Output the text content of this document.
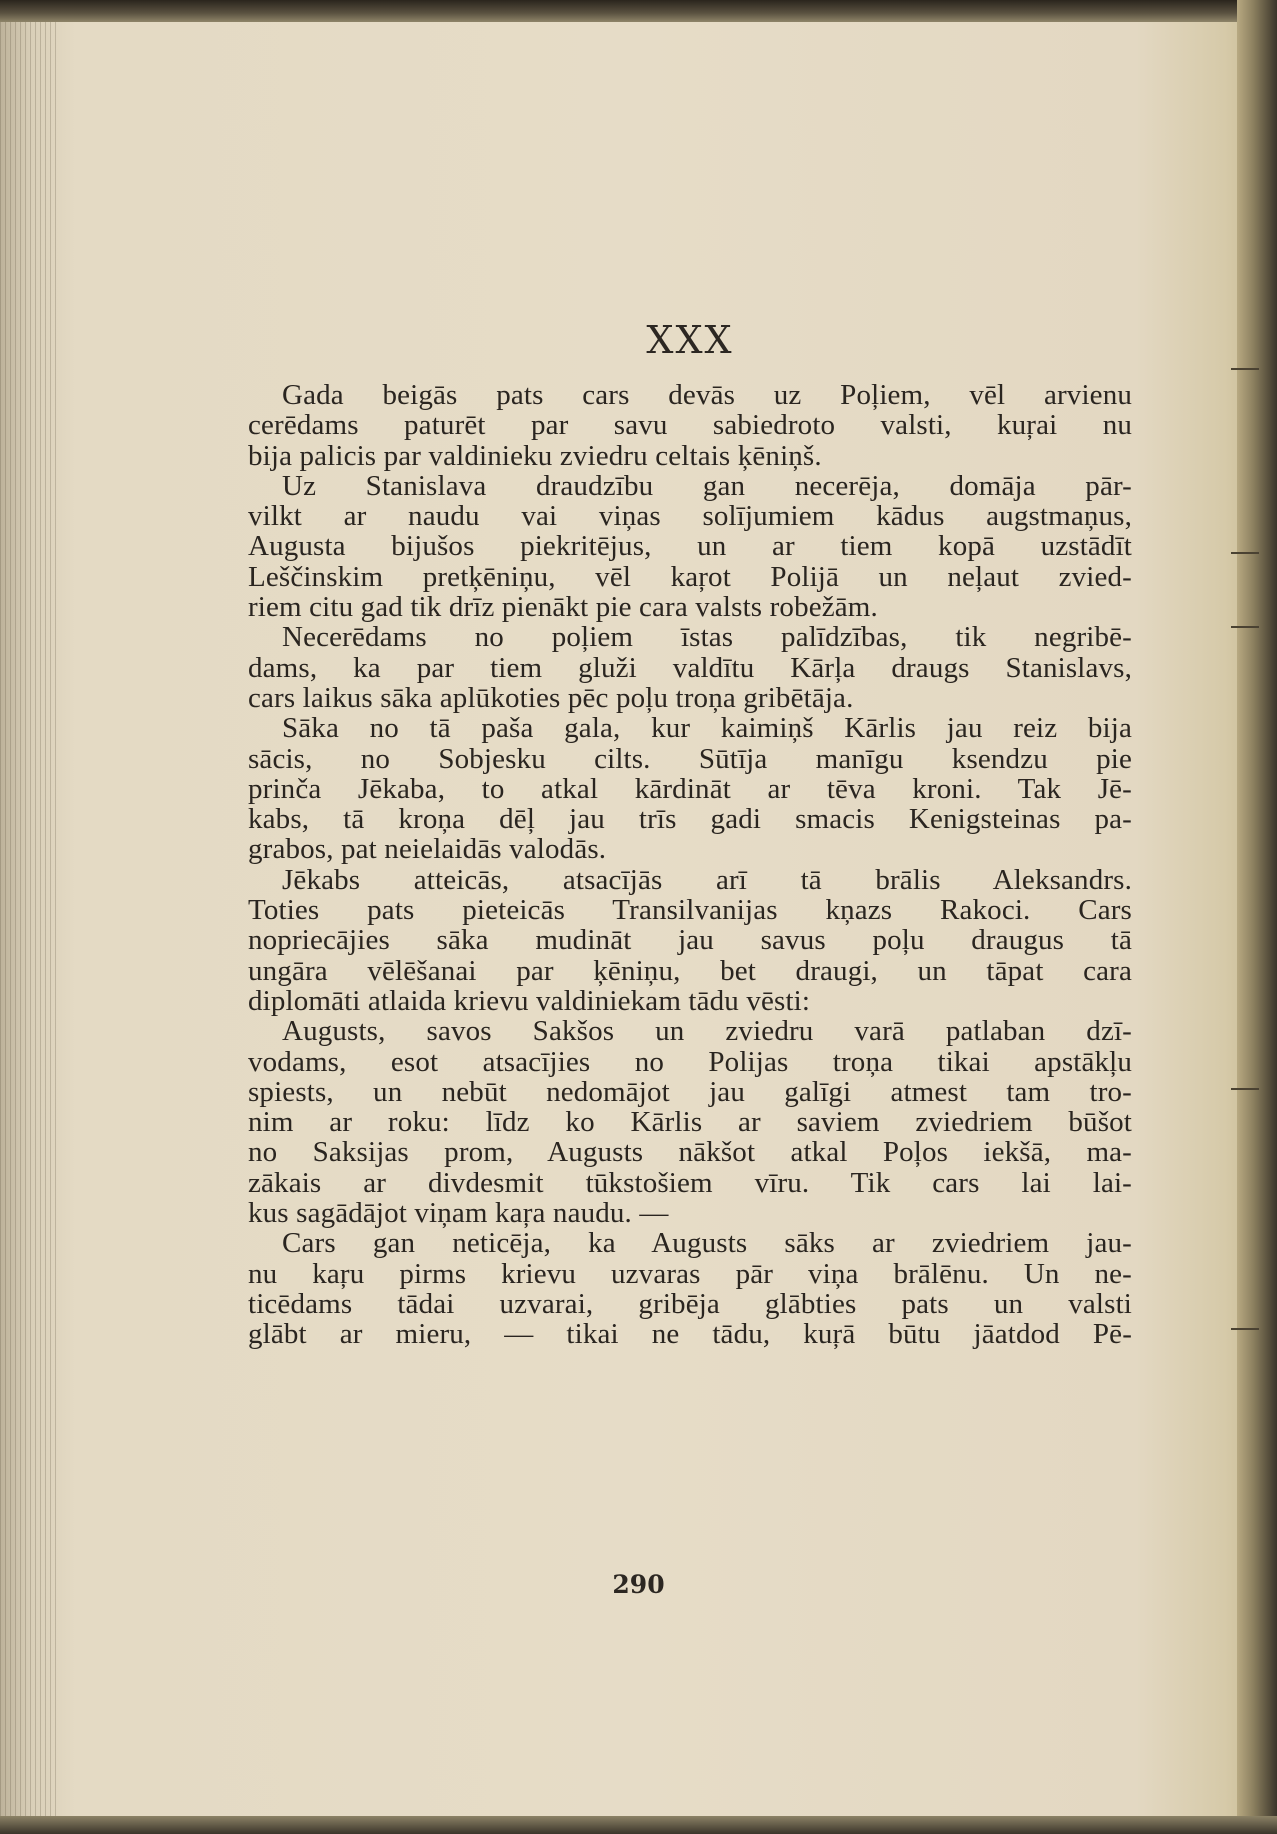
XXX
Gada beigās pats cars devās uz Poļiem, vēl arvienu
cerēdams paturēt par savu sabiedroto valsti, kuŗai nu
bija palicis par valdinieku zviedru celtais ķēniņš.
Uz Stanislava draudzību gan necerēja, domāja pār-
vilkt ar naudu vai viņas solījumiem kādus augstmaņus,
Augusta bijušos piekritējus, un ar tiem kopā uzstādīt
Leščinskim pretķēniņu, vēl kaŗot Polijā un neļaut zvied-
riem citu gad tik drīz pienākt pie cara valsts robežām.
Necerēdams no poļiem īstas palīdzības, tik negribē-
dams, ka par tiem gluži valdītu Kārļa draugs Stanislavs,
cars laikus sāka aplūkoties pēc poļu troņa gribētāja.
Sāka no tā paša gala, kur kaimiņš Kārlis jau reiz bija
sācis, no Sobjesku cilts. Sūtīja manīgu ksendzu pie
prinča Jēkaba, to atkal kārdināt ar tēva kroni. Tak Jē-
kabs, tā kroņa dēļ jau trīs gadi smacis Kenigsteinas pa-
grabos, pat neielaidās valodās.
Jēkabs atteicās, atsacījās arī tā brālis Aleksandrs.
Toties pats pieteicās Transilvanijas kņazs Rakoci. Cars
nopriecājies sāka mudināt jau savus poļu draugus tā
ungāra vēlēšanai par ķēniņu, bet draugi, un tāpat cara
diplomāti atlaida krievu valdiniekam tādu vēsti:
Augusts, savos Sakšos un zviedru varā patlaban dzī-
vodams, esot atsacījies no Polijas troņa tikai apstākļu
spiests, un nebūt nedomājot jau galīgi atmest tam tro-
nim ar roku: līdz ko Kārlis ar saviem zviedriem būšot
no Saksijas prom, Augusts nākšot atkal Poļos iekšā, ma-
zākais ar divdesmit tūkstošiem vīru. Tik cars lai lai-
kus sagādājot viņam kaŗa naudu. —
Cars gan neticēja, ka Augusts sāks ar zviedriem jau-
nu kaŗu pirms krievu uzvaras pār viņa brālēnu. Un ne-
ticēdams tādai uzvarai, gribēja glābties pats un valsti
glābt ar mieru, — tikai ne tādu, kuŗā būtu jāatdod Pē-
290
